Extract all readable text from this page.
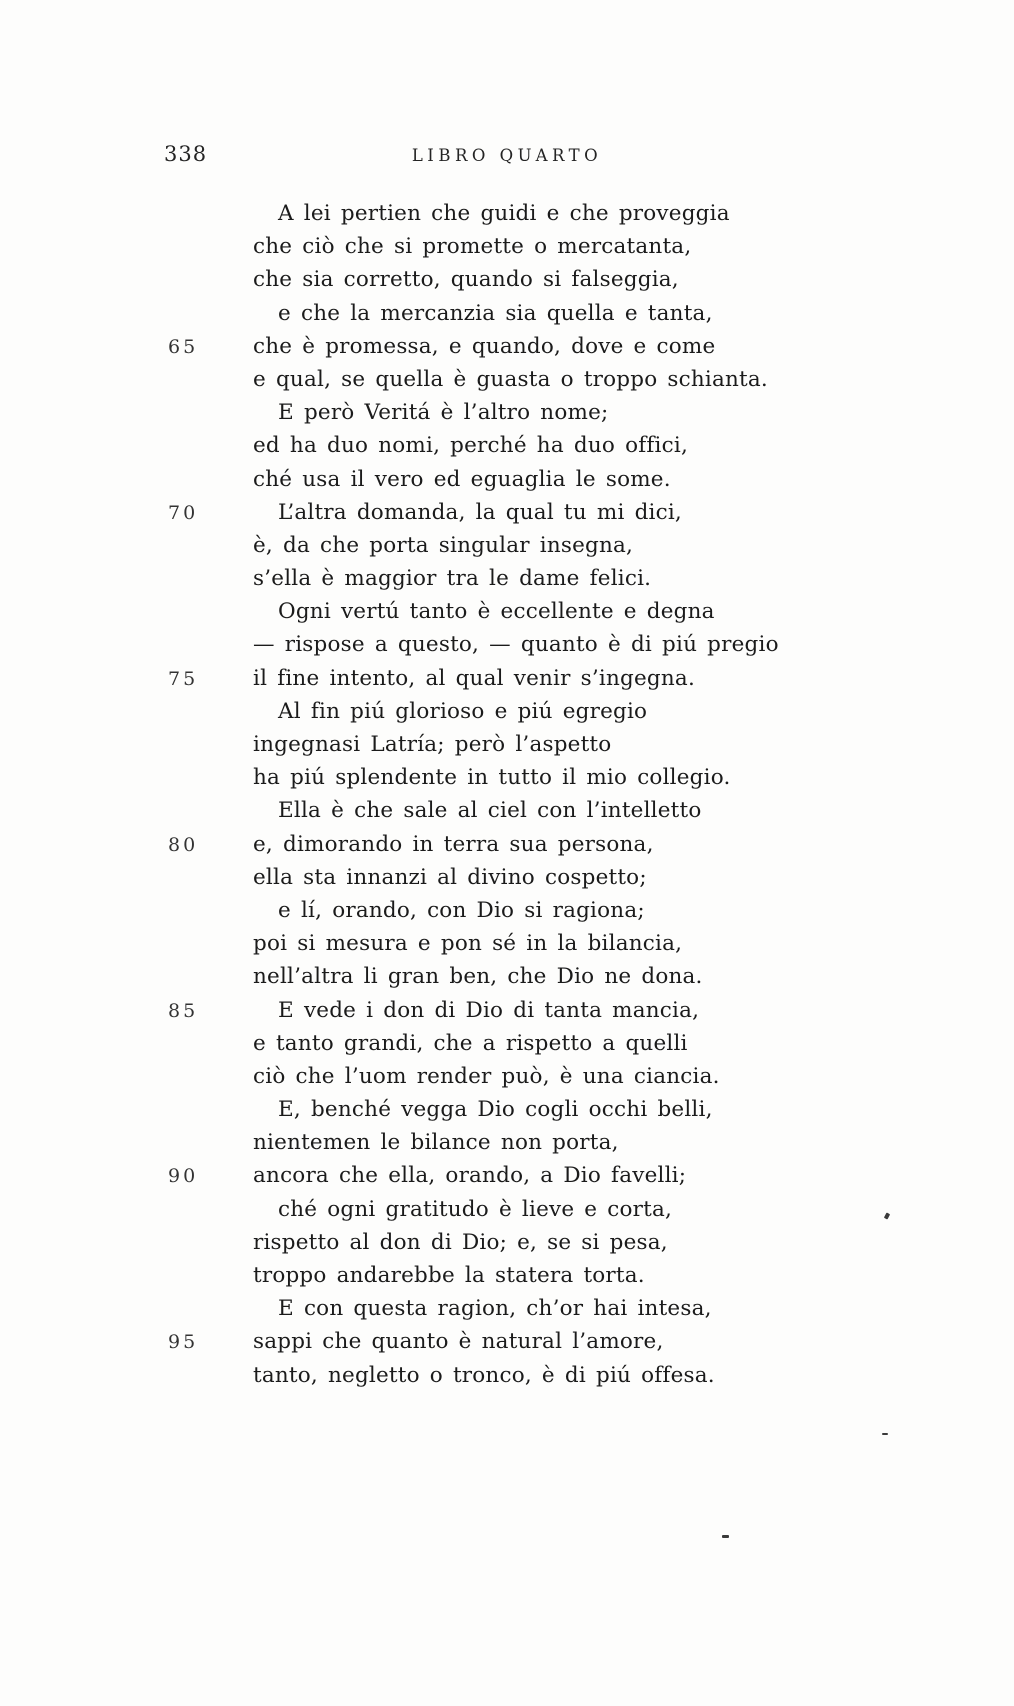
338	LIBRO QUARTO
A lei pertien che guidi e che proveggia
che ciò che si promette o mercatanta,
che sia corretto, quando si falseggia,
e che la mercanzia sia quella e tanta,
65	che è promessa, e quando, dove e come
e qual, se quella è guasta o troppo schianta.
E però Veritá è l’altro nome;
ed ha duo nomi, perché ha duo offici,
ché usa il vero ed eguaglia le some.
70	L’altra domanda, la qual tu mi dici,
è, da che porta singular insegna,
s’ella è maggior tra le dame felici.
Ogni vertú tanto è eccellente e degna
— rispose a questo, — quanto è di piú pregio
75	il fine intento, al qual venir s’ingegna.
Al fin piú glorioso e piú egregio
ingegnasi Latría; però l’aspetto
ha piú splendente in tutto il mio collegio.
Ella è che sale al ciel con l’intelletto
80	e, dimorando in terra sua persona,
ella sta innanzi al divino cospetto;
e lí, orando, con Dio si ragiona;
poi si mesura e pon sé in la bilancia,
nell’altra li gran ben, che Dio ne dona.
85	E vede i don di Dio di tanta mancia,
e tanto grandi, che a rispetto a quelli
ciò che l’uom render può, è una ciancia.
E, benché vegga Dio cogli occhi belli,
nientemen le bilance non porta,
90	ancora che ella, orando, a Dio favelli;
ché ogni gratitudo è lieve e corta,
rispetto al don di Dio; e, se si pesa,
troppo andarebbe la statera torta.
E con questa ragion, ch’or hai intesa,
95	sappi che quanto è natural l’amore,
tanto, negletto o tronco, è di piú offesa.
